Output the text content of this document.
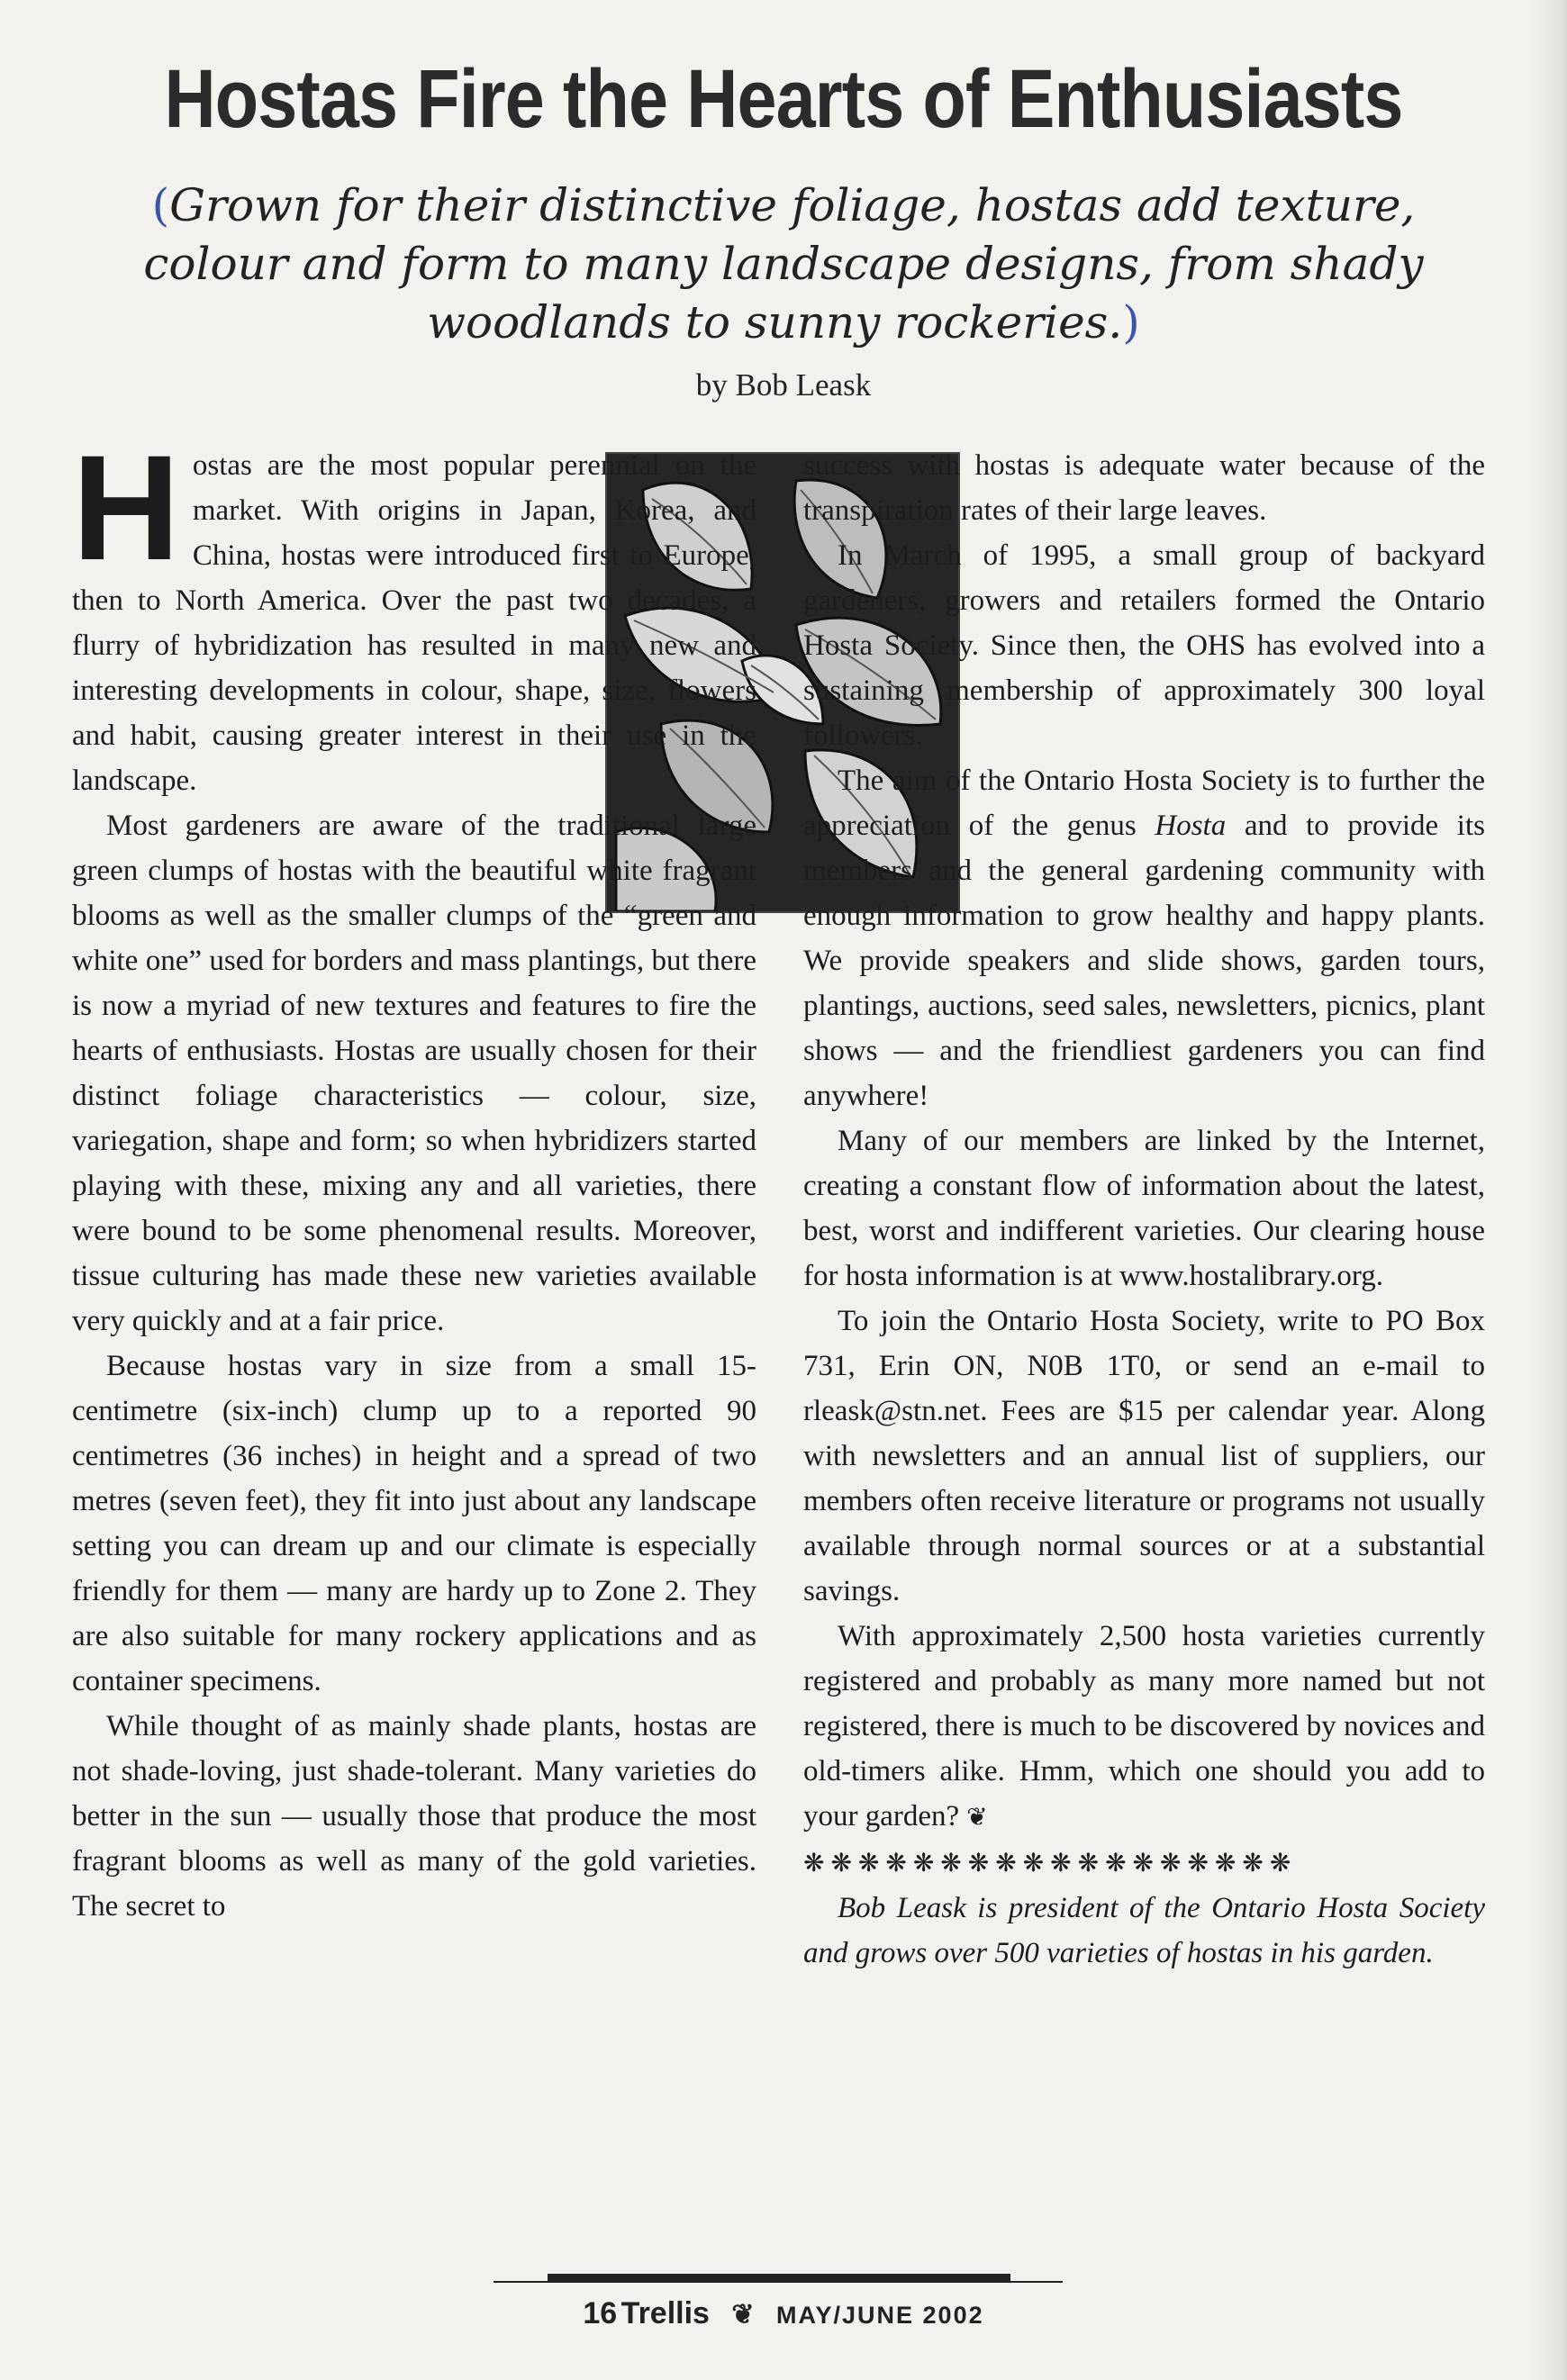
Hostas Fire the Hearts of Enthusiasts
(Grown for their distinctive foliage, hostas add texture, colour and form to many landscape designs, from shady woodlands to sunny rockeries.)
by Bob Leask

Hostas are the most popular perennial on the market. With origins in Japan, Korea, and China, hostas were introduced first to Europe, then to North America. Over the past two decades, a flurry of hybridization has resulted in many new and interesting developments in colour, shape, size, flowers and habit, causing greater interest in their use in the landscape.

Most gardeners are aware of the traditional large green clumps of hostas with the beautiful white fragrant blooms as well as the smaller clumps of the “green and white one” used for borders and mass plantings, but there is now a myriad of new textures and features to fire the hearts of enthusiasts. Hostas are usually chosen for their distinct foliage characteristics — colour, size, variegation, shape and form; so when hybridizers started playing with these, mixing any and all varieties, there were bound to be some phenomenal results. Moreover, tissue culturing has made these new varieties available very quickly and at a fair price.

Because hostas vary in size from a small 15-centimetre (six-inch) clump up to a reported 90 centimetres (36 inches) in height and a spread of two metres (seven feet), they fit into just about any landscape setting you can dream up and our climate is especially friendly for them — many are hardy up to Zone 2. They are also suitable for many rockery applications and as container specimens.

While thought of as mainly shade plants, hostas are not shade-loving, just shade-tolerant. Many varieties do better in the sun — usually those that produce the most fragrant blooms as well as many of the gold varieties. The secret to

success with hostas is adequate water because of the transpiration rates of their large leaves.

In March of 1995, a small group of backyard gardeners, growers and retailers formed the Ontario Hosta Society. Since then, the OHS has evolved into a sustaining membership of approximately 300 loyal followers.

The aim of the Ontario Hosta Society is to further the appreciation of the genus Hosta and to provide its members and the general gardening community with enough information to grow healthy and happy plants. We provide speakers and slide shows, garden tours, plantings, auctions, seed sales, newsletters, picnics, plant shows — and the friendliest gardeners you can find anywhere!

Many of our members are linked by the Internet, creating a constant flow of information about the latest, best, worst and indifferent varieties. Our clearing house for hosta information is at www.hostalibrary.org.

To join the Ontario Hosta Society, write to PO Box 731, Erin ON, N0B 1T0, or send an e-mail to rleask@stn.net. Fees are $15 per calendar year. Along with newsletters and an annual list of suppliers, our members often receive literature or programs not usually available through normal sources or at a substantial savings.

With approximately 2,500 hosta varieties currently registered and probably as many more named but not registered, there is much to be discovered by novices and old-timers alike. Hmm, which one should you add to your garden? ❦

❋❋❋❋❋❋❋❋❋❋❋❋❋❋❋❋❋❋

Bob Leask is president of the Ontario Hosta Society and grows over 500 varieties of hostas in his garden.

16 Trellis ❦ MAY/JUNE 2002
